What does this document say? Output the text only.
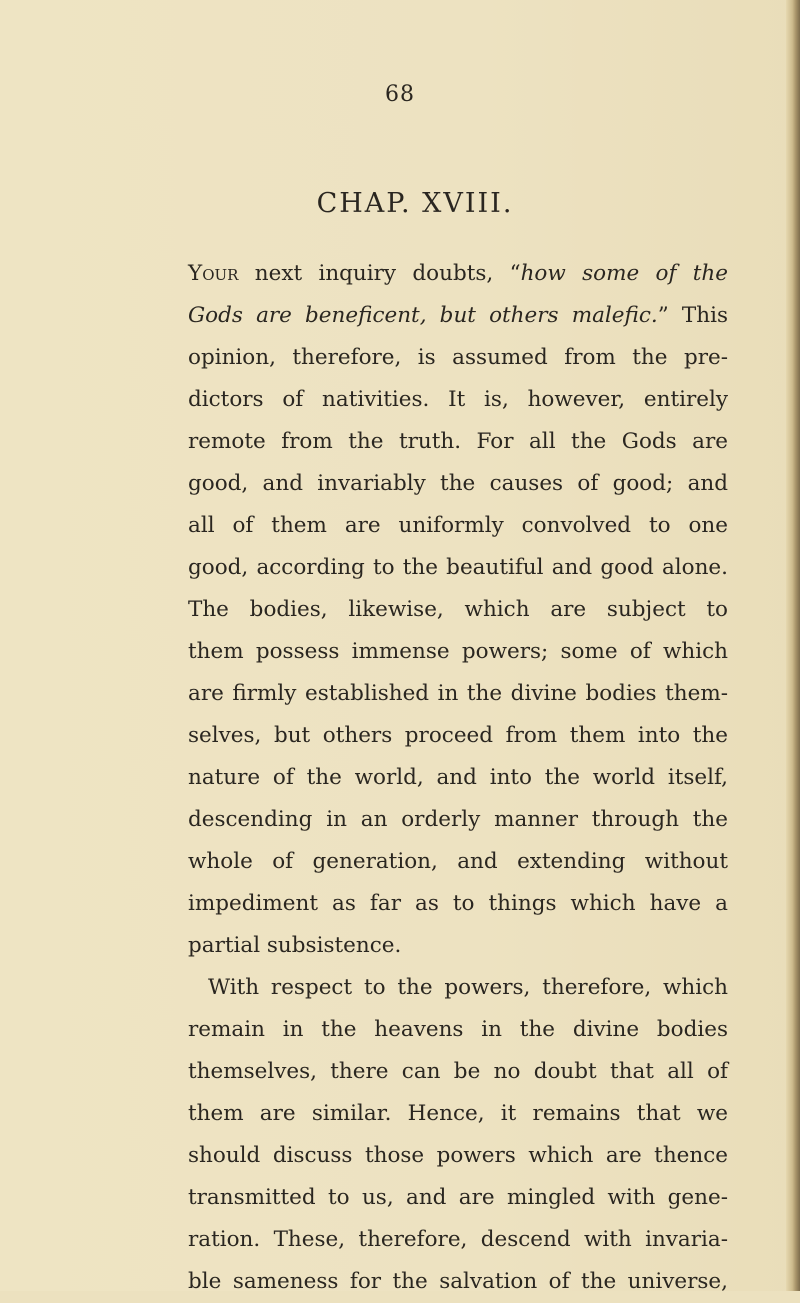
68
CHAP. XVIII.
Your next inquiry doubts, “how some of the
Gods are beneficent, but others malefic.” This
opinion, therefore, is assumed from the pre-
dictors of nativities. It is, however, entirely
remote from the truth. For all the Gods are
good, and invariably the causes of good; and
all of them are uniformly convolved to one
good, according to the beautiful and good alone.
The bodies, likewise, which are subject to
them possess immense powers; some of which
are firmly established in the divine bodies them-
selves, but others proceed from them into the
nature of the world, and into the world itself,
descending in an orderly manner through the
whole of generation, and extending without
impediment as far as to things which have a
partial subsistence.
With respect to the powers, therefore, which
remain in the heavens in the divine bodies
themselves, there can be no doubt that all of
them are similar. Hence, it remains that we
should discuss those powers which are thence
transmitted to us, and are mingled with gene-
ration. These, therefore, descend with invaria-
ble sameness for the salvation of the universe,
